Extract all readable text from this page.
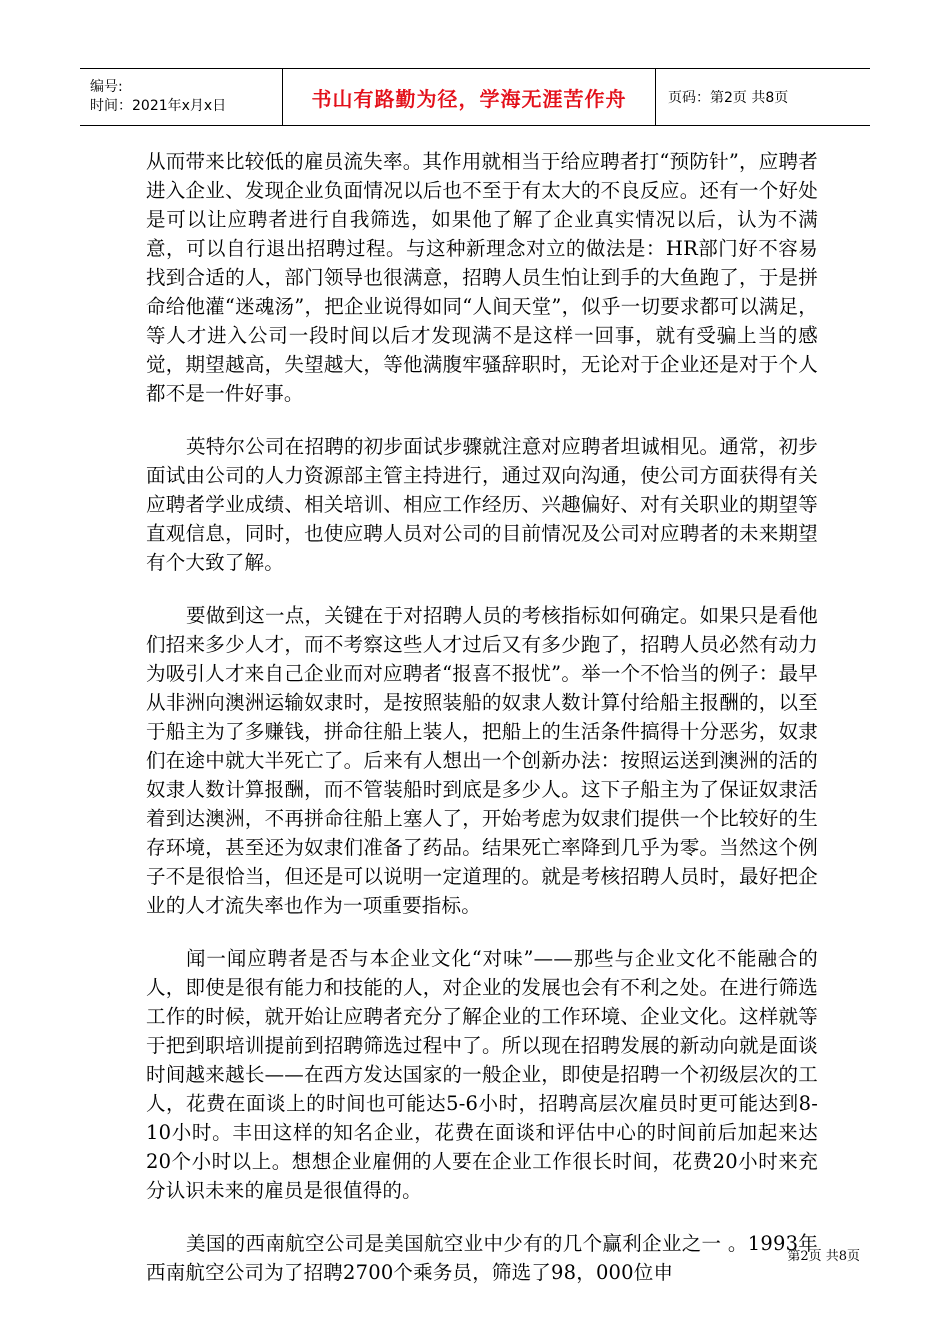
编号:
时间：2021年x月x日	书山有路勤为径，学海无涯苦作舟	页码：第2页 共8页

从而带来比较低的雇员流失率。其作用就相当于给应聘者打“预防针”，应聘者进入企业、发现企业负面情况以后也不至于有太大的不良反应。还有一个好处是可以让应聘者进行自我筛选，如果他了解了企业真实情况以后，认为不满意，可以自行退出招聘过程。与这种新理念对立的做法是：HR部门好不容易找到合适的人，部门领导也很满意，招聘人员生怕让到手的大鱼跑了，于是拼命给他灌“迷魂汤”，把企业说得如同“人间天堂”，似乎一切要求都可以满足，等人才进入公司一段时间以后才发现满不是这样一回事，就有受骗上当的感觉，期望越高，失望越大，等他满腹牢骚辞职时，无论对于企业还是对于个人都不是一件好事。

英特尔公司在招聘的初步面试步骤就注意对应聘者坦诚相见。通常，初步面试由公司的人力资源部主管主持进行，通过双向沟通，使公司方面获得有关应聘者学业成绩、相关培训、相应工作经历、兴趣偏好、对有关职业的期望等直观信息，同时，也使应聘人员对公司的目前情况及公司对应聘者的未来期望有个大致了解。

要做到这一点，关键在于对招聘人员的考核指标如何确定。如果只是看他们招来多少人才，而不考察这些人才过后又有多少跑了，招聘人员必然有动力为吸引人才来自己企业而对应聘者“报喜不报忧”。举一个不恰当的例子：最早从非洲向澳洲运输奴隶时，是按照装船的奴隶人数计算付给船主报酬的，以至于船主为了多赚钱，拼命往船上装人，把船上的生活条件搞得十分恶劣，奴隶们在途中就大半死亡了。后来有人想出一个创新办法：按照运送到澳洲的活的奴隶人数计算报酬，而不管装船时到底是多少人。这下子船主为了保证奴隶活着到达澳洲，不再拼命往船上塞人了，开始考虑为奴隶们提供一个比较好的生存环境，甚至还为奴隶们准备了药品。结果死亡率降到几乎为零。当然这个例子不是很恰当，但还是可以说明一定道理的。就是考核招聘人员时，最好把企业的人才流失率也作为一项重要指标。

闻一闻应聘者是否与本企业文化“对味”——那些与企业文化不能融合的人，即使是很有能力和技能的人，对企业的发展也会有不利之处。在进行筛选工作的时候，就开始让应聘者充分了解企业的工作环境、企业文化。这样就等于把到职培训提前到招聘筛选过程中了。所以现在招聘发展的新动向就是面谈时间越来越长——在西方发达国家的一般企业，即使是招聘一个初级层次的工人，花费在面谈上的时间也可能达5-6小时，招聘高层次雇员时更可能达到8-10小时。丰田这样的知名企业，花费在面谈和评估中心的时间前后加起来达20个小时以上。想想企业雇佣的人要在企业工作很长时间，花费20小时来充分认识未来的雇员是很值得的。

美国的西南航空公司是美国航空业中少有的几个赢利企业之一 。1993年西南航空公司为了招聘2700个乘务员，筛选了98，000位申

第2页 共8页
